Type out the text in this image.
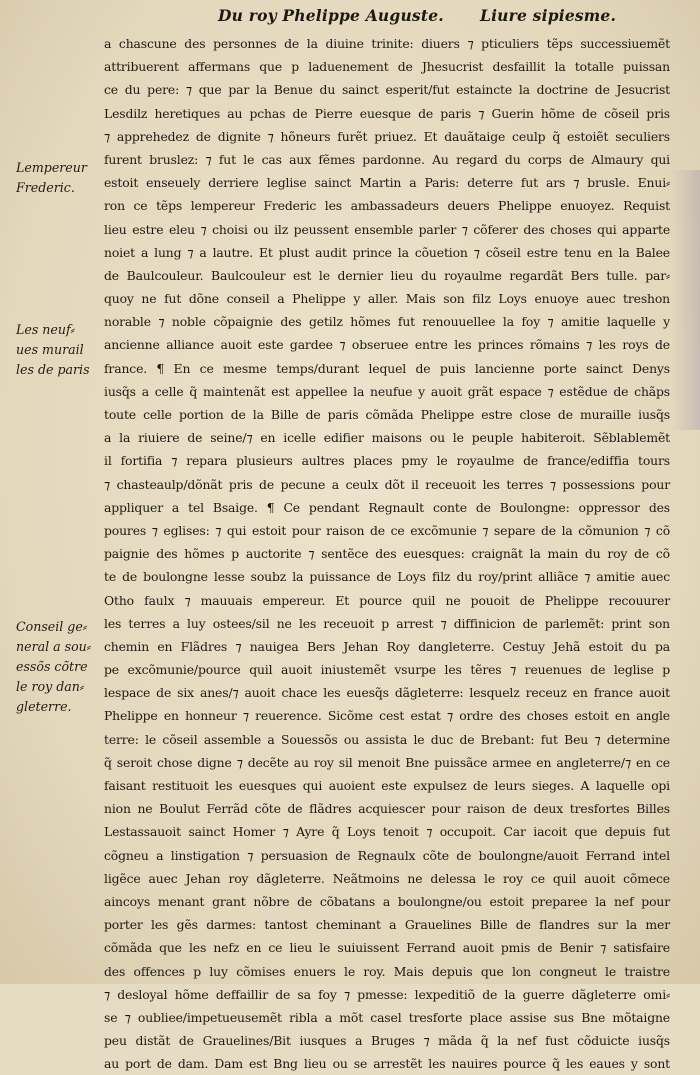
Du roy Phelippe Auguste. Liure sipiesme.
Lempereur
Frederic.
Les neuf⸗
ues murail
les de paris
Conseil ge⸗
neral a sou⸗
essõs cõtre
le roy dan⸗
gleterre.
a chascune des personnes de la diuine trinite: diuers ⁊ pticuliers tẽps successiuemẽt
attribuerent affermans que p laduenement de Jhesucrist desfaillit la totalle puissan
ce du pere: ⁊ que par la Benue du sainct esperit/fut estaincte la doctrine de Jesucrist
Lesdilz heretiques au pchas de Pierre euesque de paris ⁊ Guerin hõme de cõseil pris
⁊ apprehedez de dignite ⁊ hõneurs furẽt priuez. Et dauãtaige ceulp q̃ estoiẽt seculiers
furent bruslez: ⁊ fut le cas aux fẽmes pardonne. Au regard du corps de Almaury qui
estoit enseuely derriere leglise sainct Martin a Paris: deterre fut ars ⁊ brusle. Enui⸗
ron ce tẽps lempereur Frederic les ambassadeurs deuers Phelippe enuoyez. Requist
lieu estre eleu ⁊ choisi ou ilz peussent ensemble parler ⁊ cõferer des choses qui apparte
noiet a lung ⁊ a lautre. Et plust audit prince la cõuetion ⁊ cõseil estre tenu en la Balee
de Baulcouleur. Baulcouleur est le dernier lieu du royaulme regardãt Bers tulle. par⸗
quoy ne fut dõne conseil a Phelippe y aller. Mais son filz Loys enuoye auec treshon
norable ⁊ noble cõpaignie des getilz hõmes fut renouuellee la foy ⁊ amitie laquelle y
ancienne alliance auoit este gardee ⁊ obseruee entre les princes rõmains ⁊ les roys de
france. ¶ En ce mesme temps/durant lequel de puis lancienne porte sainct Denys
iusq̃s a celle q̃ maintenãt est appellee la neufue y auoit grãt espace ⁊ estẽdue de chãps
toute celle portion de la Bille de paris cõmãda Phelippe estre close de muraille iusq̃s
a la riuiere de seine/⁊ en icelle edifier maisons ou le peuple habiteroit. Sẽblablemẽt
il fortifia ⁊ repara plusieurs aultres places pmy le royaulme de france/ediffia tours
⁊ chasteaulp/dõnãt pris de pecune a ceulx dõt il receuoit les terres ⁊ possessions pour
appliquer a tel Bsaige. ¶ Ce pendant Regnault conte de Boulongne: oppressor des
poures ⁊ eglises: ⁊ qui estoit pour raison de ce excõmunie ⁊ separe de la cõmunion ⁊ cõ
paignie des hõmes p auctorite ⁊ sentẽce des euesques: craignãt la main du roy de cõ
te de boulongne lesse soubz la puissance de Loys filz du roy/print alliãce ⁊ amitie auec
Otho faulx ⁊ mauuais empereur. Et pource quil ne pouoit de Phelippe recouurer
les terres a luy ostees/sil ne les receuoit p arrest ⁊ diffinicion de parlemẽt: print son
chemin en Flãdres ⁊ nauigea Bers Jehan Roy dangleterre. Cestuy Jehã estoit du pa
pe excõmunie/pource quil auoit iniustemẽt vsurpe les tẽres ⁊ reuenues de leglise p
lespace de six anes/⁊ auoit chace les euesq̃s dãgleterre: lesquelz receuz en france auoit
Phelippe en honneur ⁊ reuerence. Sicõme cest estat ⁊ ordre des choses estoit en angle
terre: le cõseil assemble a Souessõs ou assista le duc de Brebant: fut Beu ⁊ determine
q̃ seroit chose digne ⁊ decẽte au roy sil menoit Bne puissãce armee en angleterre/⁊ en ce
faisant restituoit les euesques qui auoient este expulsez de leurs sieges. A laquelle opi
nion ne Boulut Ferrãd cõte de flãdres acquiescer pour raison de deux tresfortes Billes
Lestassauoit sainct Homer ⁊ Ayre q̃ Loys tenoit ⁊ occupoit. Car iacoit que depuis fut
cõgneu a linstigation ⁊ persuasion de Regnaulx cõte de boulongne/auoit Ferrand intel
ligẽce auec Jehan roy dãgleterre. Neãtmoins ne delessa le roy ce quil auoit cõmece
aincoys menant grant nõbre de cõbatans a boulongne/ou estoit preparee la nef pour
porter les gẽs darmes: tantost cheminant a Grauelines Bille de flandres sur la mer
cõmãda que les nefz en ce lieu le suiuissent Ferrand auoit pmis de Benir ⁊ satisfaire
des offences p luy cõmises enuers le roy. Mais depuis que lon congneut le traistre
⁊ desloyal hõme deffaillir de sa foy ⁊ pmesse: lexpeditiõ de la guerre dãgleterre omi⸗
se ⁊ oubliee/impetueusemẽt ribla a mõt casel tresforte place assise sus Bne mõtaigne
peu distãt de Grauelines/Bit iusques a Bruges ⁊ mãda q̃ la nef fust cõduicte iusq̃s
au port de dam. Dam est Bng lieu ou se arrestẽt les nauires pource q̃ les eaues y sont
